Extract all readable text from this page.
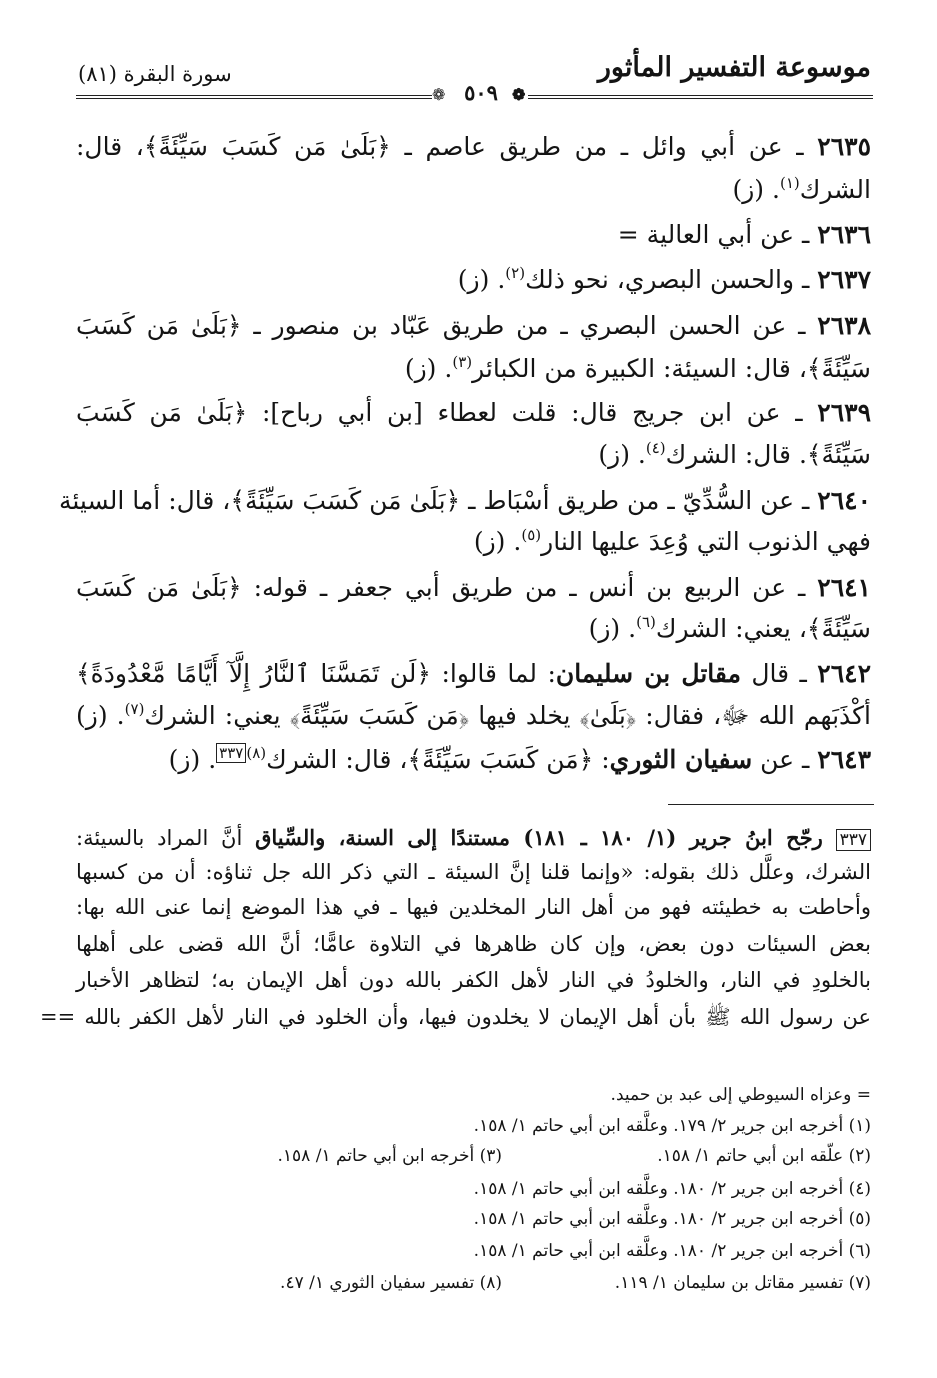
موسوعة التفسير المأثور
سورة البقرة (٨١)
❁	❁
٥٠٩
٢٦٣٥ ـ عن أبي وائل ـ من طريق عاصم ـ ﴿بَلَىٰ مَن كَسَبَ سَيِّئَةً﴾، قال:
الشرك$^{(١)}$. (ز)
٢٦٣٦ ـ عن أبي العالية =
٢٦٣٧ ـ والحسن البصري، نحو ذلك$^{(٢)}$. (ز)
٢٦٣٨ ـ عن الحسن البصري ـ من طريق عَبّاد بن منصور ـ ﴿بَلَىٰ مَن كَسَبَ
سَيِّئَةً﴾، قال: السيئة: الكبيرة من الكبائر$^{(٣)}$. (ز)
٢٦٣٩ ـ عن ابن جريج قال: قلت لعطاء [بن أبي رباح]: ﴿بَلَىٰ مَن كَسَبَ
سَيِّئَةً﴾. قال: الشرك$^{(٤)}$. (ز)
٢٦٤٠ ـ عن السُّدِّيّ ـ من طريق أسْبَاط ـ ﴿بَلَىٰ مَن كَسَبَ سَيِّئَةً﴾، قال: أما السيئة
فهي الذنوب التي وُعِدَ عليها النار$^{(٥)}$. (ز)
٢٦٤١ ـ عن الربيع بن أنس ـ من طريق أبي جعفر ـ قوله: ﴿بَلَىٰ مَن كَسَبَ
سَيِّئَةً﴾، يعني: الشرك$^{(٦)}$. (ز)
٢٦٤٢ ـ قال مقاتل بن سليمان: لما قالوا: ﴿لَن تَمَسَّنَا ٱلنَّارُ إِلَّآ أَيَّامًا مَّعْدُودَةً﴾
أكْذَبَهم الله ﷻ، فقال: ﴿بَلَىٰ﴾ يخلد فيها ﴿مَن كَسَبَ سَيِّئَةً﴾ يعني: الشرك$^{(٧)}$. (ز)
٢٦٤٣ ـ عن سفيان الثوري: ﴿مَن كَسَبَ سَيِّئَةً﴾، قال: الشرك$^{(٨)٣٣٧}$. (ز)
٣٣٧ رجّح ابنُ جرير (١/ ١٨٠ ـ ١٨١) مستندًا إلى السنة، والسِّياق أنَّ المراد بالسيئة:
الشرك، وعلَّل ذلك بقوله: «وإنما قلنا إنَّ السيئة ـ التي ذكر الله جل ثناؤه: أن من كسبها
وأحاطت به خطيئته فهو من أهل النار المخلدين فيها ـ في هذا الموضع إنما عنى الله بها:
بعض السيئات دون بعض، وإن كان ظاهرها في التلاوة عامًّا؛ أنَّ الله قضى على أهلها
بالخلودِ في النار، والخلودُ في النار لأهل الكفر بالله دون أهل الإيمان به؛ لتظاهر الأخبار
عن رسول الله ﷺ بأن أهل الإيمان لا يخلدون فيها، وأن الخلود في النار لأهل الكفر بالله ==
= وعزاه السيوطي إلى عبد بن حميد.
(١) أخرجه ابن جرير ٢/ ١٧٩. وعلَّقه ابن أبي حاتم ١/ ١٥٨.
(٢) علّقه ابن أبي حاتم ١/ ١٥٨.
(٣) أخرجه ابن أبي حاتم ١/ ١٥٨.
(٤) أخرجه ابن جرير ٢/ ١٨٠. وعلَّقه ابن أبي حاتم ١/ ١٥٨.
(٥) أخرجه ابن جرير ٢/ ١٨٠. وعلَّقه ابن أبي حاتم ١/ ١٥٨.
(٦) أخرجه ابن جرير ٢/ ١٨٠. وعلَّقه ابن أبي حاتم ١/ ١٥٨.
(٧) تفسير مقاتل بن سليمان ١/ ١١٩.
(٨) تفسير سفيان الثوري ١/ ٤٧.
